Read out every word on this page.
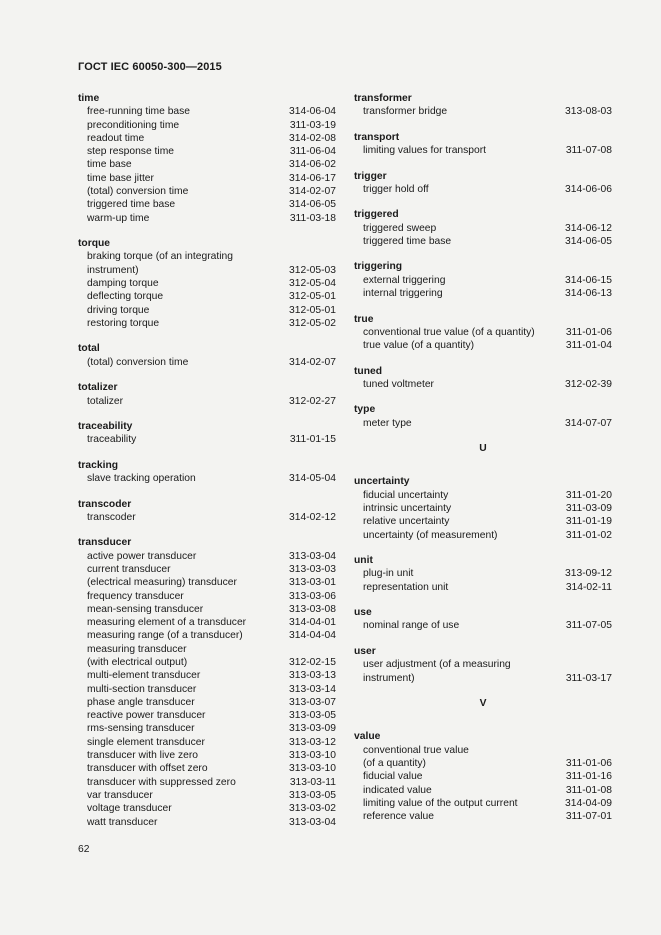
ГОСТ IEC 60050-300—2015
time
free-running time base	314-06-04
preconditioning time	311-03-19
readout time	314-02-08
step response time	311-06-04
time base	314-06-02
time base jitter	314-06-17
(total) conversion time	314-02-07
triggered time base	314-06-05
warm-up time	311-03-18
torque
braking torque (of an integrating
instrument)	312-05-03
damping torque	312-05-04
deflecting torque	312-05-01
driving torque	312-05-01
restoring torque	312-05-02
total
(total) conversion time	314-02-07
totalizer
totalizer	312-02-27
traceability
traceability	311-01-15
tracking
slave tracking operation	314-05-04
transcoder
transcoder	314-02-12
transducer
active power transducer	313-03-04
current transducer	313-03-03
(electrical measuring) transducer	313-03-01
frequency transducer	313-03-06
mean-sensing transducer	313-03-08
measuring element of a transducer	314-04-01
measuring range (of a transducer)	314-04-04
measuring transducer
(with electrical output)	312-02-15
multi-element transducer	313-03-13
multi-section transducer	313-03-14
phase angle transducer	313-03-07
reactive power transducer	313-03-05
rms-sensing transducer	313-03-09
single element transducer	313-03-12
transducer with live zero	313-03-10
transducer with offset zero	313-03-10
transducer with suppressed zero	313-03-11
var transducer	313-03-05
voltage transducer	313-03-02
watt transducer	313-03-04
transformer
transformer bridge	313-08-03
transport
limiting values for transport	311-07-08
trigger
trigger hold off	314-06-06
triggered
triggered sweep	314-06-12
triggered time base	314-06-05
triggering
external triggering	314-06-15
internal triggering	314-06-13
true
conventional true value (of a quantity)	311-01-06
true value (of a quantity)	311-01-04
tuned
tuned voltmeter	312-02-39
type
meter type	314-07-07
U
uncertainty
fiducial uncertainty	311-01-20
intrinsic uncertainty	311-03-09
relative uncertainty	311-01-19
uncertainty (of measurement)	311-01-02
unit
plug-in unit	313-09-12
representation unit	314-02-11
use
nominal range of use	311-07-05
user
user adjustment (of a measuring
instrument)	311-03-17
V
value
conventional true value
(of a quantity)	311-01-06
fiducial value	311-01-16
indicated value	311-01-08
limiting value of the output current	314-04-09
reference value	311-07-01
62
